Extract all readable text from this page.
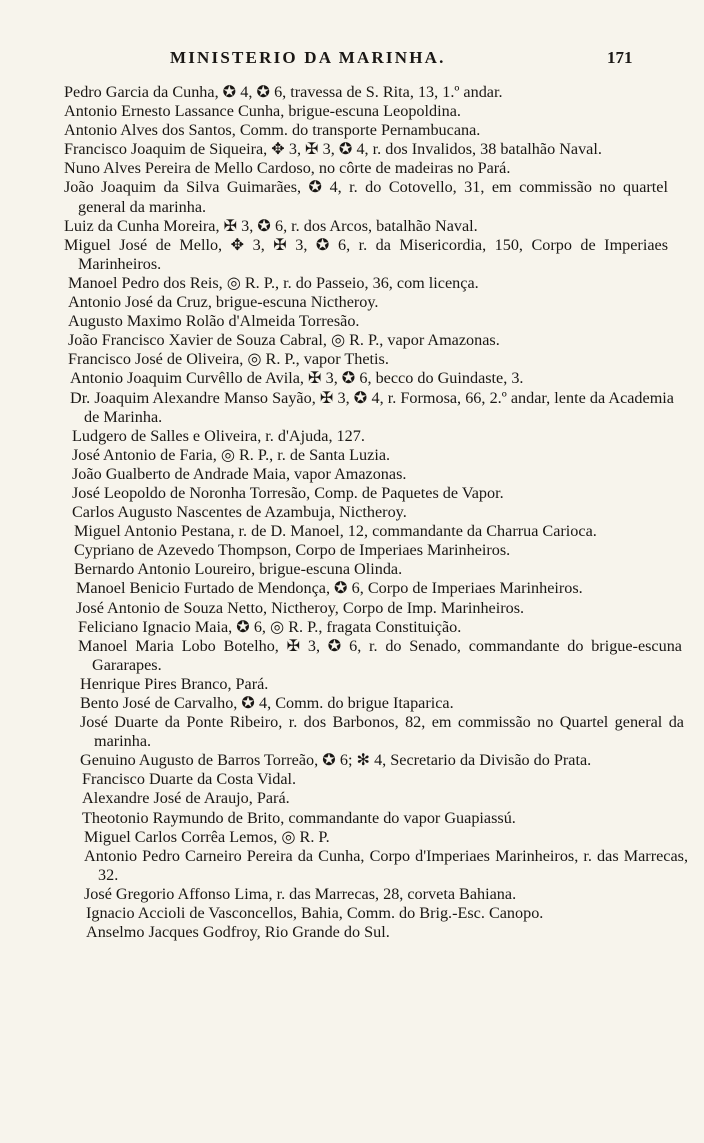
MINISTERIO DA MARINHA.	171
Pedro Garcia da Cunha, ✪ 4, ✪ 6, travessa de S. Rita, 13, 1.º andar.
Antonio Ernesto Lassance Cunha, brigue-escuna Leopoldina.
Antonio Alves dos Santos, Comm. do transporte Pernambucana.
Francisco Joaquim de Siqueira, ✥ 3, ✠ 3, ✪ 4, r. dos Invalidos, 38 batalhão Naval.
Nuno Alves Pereira de Mello Cardoso, no côrte de madeiras no Pará.
João Joaquim da Silva Guimarães, ✪ 4, r. do Cotovello, 31, em commissão no quartel general da marinha.
Luiz da Cunha Moreira, ✠ 3, ✪ 6, r. dos Arcos, batalhão Naval.
Miguel José de Mello, ✥ 3, ✠ 3, ✪ 6, r. da Misericordia, 150, Corpo de Imperiaes Marinheiros.
Manoel Pedro dos Reis, ◎ R. P., r. do Passeio, 36, com licença.
Antonio José da Cruz, brigue-escuna Nictheroy.
Augusto Maximo Rolão d'Almeida Torresão.
João Francisco Xavier de Souza Cabral, ◎ R. P., vapor Amazonas.
Francisco José de Oliveira, ◎ R. P., vapor Thetis.
Antonio Joaquim Curvêllo de Avila, ✠ 3, ✪ 6, becco do Guindaste, 3.
Dr. Joaquim Alexandre Manso Sayão, ✠ 3, ✪ 4, r. Formosa, 66, 2.º andar, lente da Academia de Marinha.
Ludgero de Salles e Oliveira, r. d'Ajuda, 127.
José Antonio de Faria, ◎ R. P., r. de Santa Luzia.
João Gualberto de Andrade Maia, vapor Amazonas.
José Leopoldo de Noronha Torresão, Comp. de Paquetes de Vapor.
Carlos Augusto Nascentes de Azambuja, Nictheroy.
Miguel Antonio Pestana, r. de D. Manoel, 12, commandante da Charrua Carioca.
Cypriano de Azevedo Thompson, Corpo de Imperiaes Marinheiros.
Bernardo Antonio Loureiro, brigue-escuna Olinda.
Manoel Benicio Furtado de Mendonça, ✪ 6, Corpo de Imperiaes Marinheiros.
José Antonio de Souza Netto, Nictheroy, Corpo de Imp. Marinheiros.
Feliciano Ignacio Maia, ✪ 6, ◎ R. P., fragata Constituição.
Manoel Maria Lobo Botelho, ✠ 3, ✪ 6, r. do Senado, commandante do brigue-escuna Gararapes.
Henrique Pires Branco, Pará.
Bento José de Carvalho, ✪ 4, Comm. do brigue Itaparica.
José Duarte da Ponte Ribeiro, r. dos Barbonos, 82, em commissão no Quartel general da marinha.
Genuino Augusto de Barros Torreão, ✪ 6; ✻ 4, Secretario da Divisão do Prata.
Francisco Duarte da Costa Vidal.
Alexandre José de Araujo, Pará.
Theotonio Raymundo de Brito, commandante do vapor Guapiassú.
Miguel Carlos Corrêa Lemos, ◎ R. P.
Antonio Pedro Carneiro Pereira da Cunha, Corpo d'Imperiaes Marinheiros, r. das Marrecas, 32.
José Gregorio Affonso Lima, r. das Marrecas, 28, corveta Bahiana.
Ignacio Accioli de Vasconcellos, Bahia, Comm. do Brig.-Esc. Canopo.
Anselmo Jacques Godfroy, Rio Grande do Sul.
